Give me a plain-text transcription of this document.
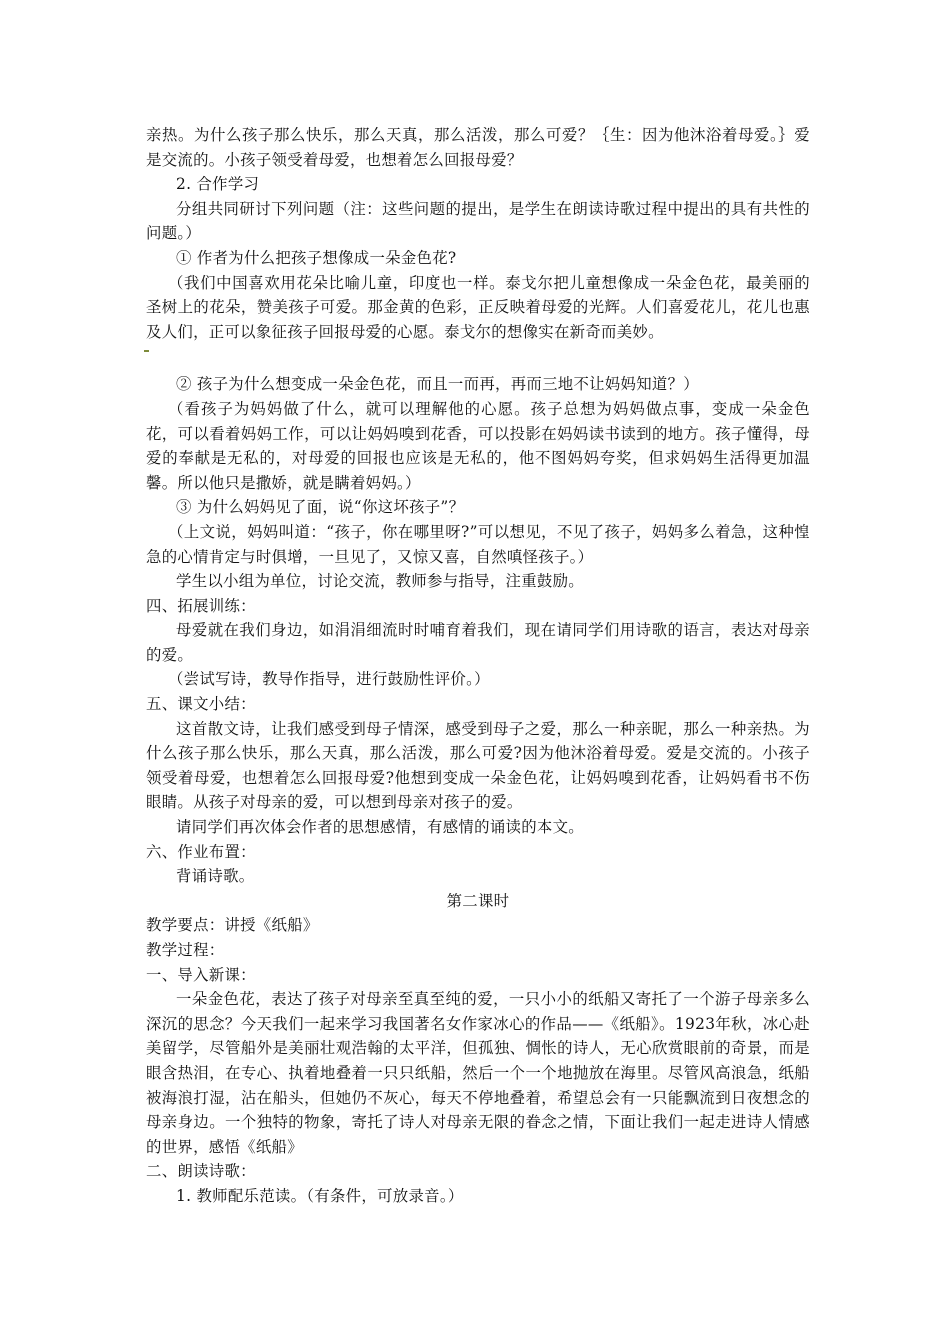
亲热。为什么孩子那么快乐，那么天真，那么活泼，那么可爱？｛生：因为他沐浴着母爱。｝爱是交流的。小孩子领受着母爱，也想着怎么回报母爱？

2. 合作学习

分组共同研讨下列问题（注：这些问题的提出，是学生在朗读诗歌过程中提出的具有共性的问题。）

① 作者为什么把孩子想像成一朵金色花?

（我们中国喜欢用花朵比喻儿童，印度也一样。泰戈尔把儿童想像成一朵金色花，最美丽的圣树上的花朵，赞美孩子可爱。那金黄的色彩，正反映着母爱的光辉。人们喜爱花儿，花儿也惠及人们，正可以象征孩子回报母爱的心愿。泰戈尔的想像实在新奇而美妙。

② 孩子为什么想变成一朵金色花，而且一而再，再而三地不让妈妈知道？）

（看孩子为妈妈做了什么，就可以理解他的心愿。孩子总想为妈妈做点事，变成一朵金色花，可以看着妈妈工作，可以让妈妈嗅到花香，可以投影在妈妈读书读到的地方。孩子懂得，母爱的奉献是无私的，对母爱的回报也应该是无私的，他不图妈妈夸奖，但求妈妈生活得更加温馨。所以他只是撒娇，就是瞒着妈妈。）

③ 为什么妈妈见了面，说“你这坏孩子”？

（上文说，妈妈叫道：“孩子，你在哪里呀?”可以想见，不见了孩子，妈妈多么着急，这种惶急的心情肯定与时俱增，一旦见了，又惊又喜，自然嗔怪孩子。）

学生以小组为单位，讨论交流，教师参与指导，注重鼓励。

四、拓展训练：

母爱就在我们身边，如涓涓细流时时哺育着我们，现在请同学们用诗歌的语言，表达对母亲的爱。

（尝试写诗，教导作指导，进行鼓励性评价。）

五、课文小结：

这首散文诗，让我们感受到母子情深，感受到母子之爱，那么一种亲昵，那么一种亲热。为什么孩子那么快乐，那么天真，那么活泼，那么可爱?因为他沐浴着母爱。爱是交流的。小孩子领受着母爱，也想着怎么回报母爱?他想到变成一朵金色花，让妈妈嗅到花香，让妈妈看书不伤眼睛。从孩子对母亲的爱，可以想到母亲对孩子的爱。

请同学们再次体会作者的思想感情，有感情的诵读的本文。

六、作业布置：

背诵诗歌。

第二课时

教学要点：讲授《纸船》

教学过程：

一、导入新课：

一朵金色花，表达了孩子对母亲至真至纯的爱，一只小小的纸船又寄托了一个游子母亲多么深沉的思念？今天我们一起来学习我国著名女作家冰心的作品——《纸船》。1923年秋，冰心赴美留学，尽管船外是美丽壮观浩翰的太平洋，但孤独、惆怅的诗人，无心欣赏眼前的奇景，而是眼含热泪，在专心、执着地叠着一只只纸船，然后一个一个地抛放在海里。尽管风高浪急，纸船被海浪打湿，沾在船头，但她仍不灰心，每天不停地叠着，希望总会有一只能飘流到日夜想念的母亲身边。一个独特的物象，寄托了诗人对母亲无限的眷念之情，下面让我们一起走进诗人情感的世界，感悟《纸船》

二、朗读诗歌：

1. 教师配乐范读。（有条件，可放录音。）
